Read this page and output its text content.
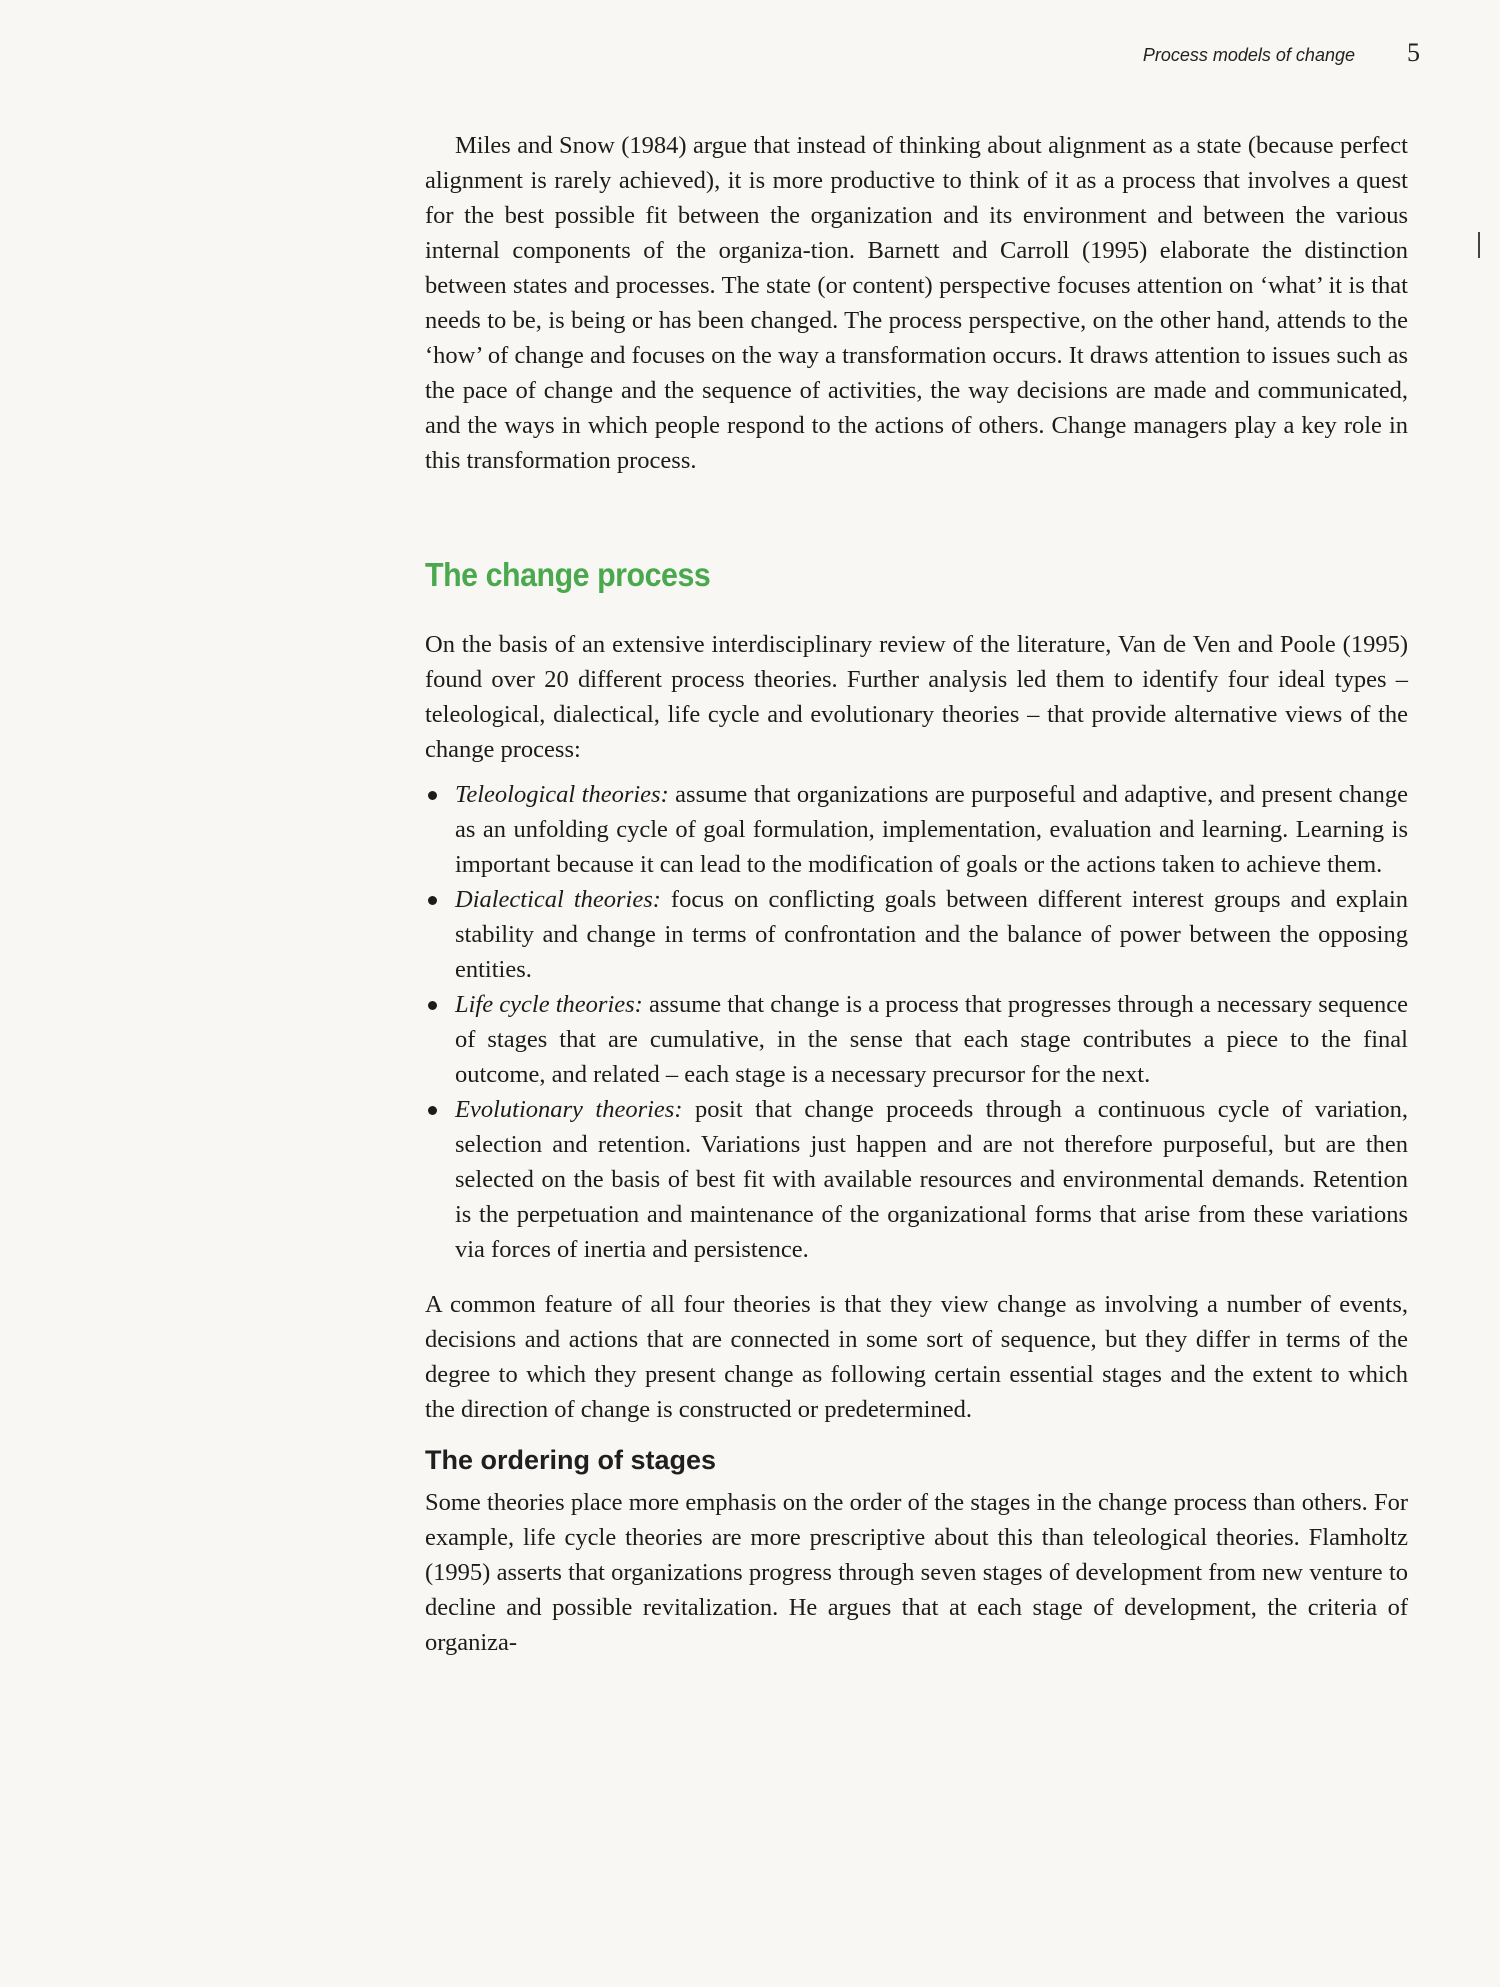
Process models of change 5

Miles and Snow (1984) argue that instead of thinking about alignment as a state (because perfect alignment is rarely achieved), it is more productive to think of it as a process that involves a quest for the best possible fit between the organization and its environment and between the various internal components of the organiza-tion. Barnett and Carroll (1995) elaborate the distinction between states and processes. The state (or content) perspective focuses attention on ‘what’ it is that needs to be, is being or has been changed. The process perspective, on the other hand, attends to the ‘how’ of change and focuses on the way a transformation occurs. It draws attention to issues such as the pace of change and the sequence of activities, the way decisions are made and communicated, and the ways in which people respond to the actions of others. Change managers play a key role in this transformation process.

The change process

On the basis of an extensive interdisciplinary review of the literature, Van de Ven and Poole (1995) found over 20 different process theories. Further analysis led them to identify four ideal types – teleological, dialectical, life cycle and evolutionary theories – that provide alternative views of the change process:

Teleological theories: assume that organizations are purposeful and adaptive, and present change as an unfolding cycle of goal formulation, implementation, evaluation and learning. Learning is important because it can lead to the modification of goals or the actions taken to achieve them.
Dialectical theories: focus on conflicting goals between different interest groups and explain stability and change in terms of confrontation and the balance of power between the opposing entities.
Life cycle theories: assume that change is a process that progresses through a necessary sequence of stages that are cumulative, in the sense that each stage contributes a piece to the final outcome, and related – each stage is a necessary precursor for the next.
Evolutionary theories: posit that change proceeds through a continuous cycle of variation, selection and retention. Variations just happen and are not therefore purposeful, but are then selected on the basis of best fit with available resources and environmental demands. Retention is the perpetuation and maintenance of the organizational forms that arise from these variations via forces of inertia and persistence.

A common feature of all four theories is that they view change as involving a number of events, decisions and actions that are connected in some sort of sequence, but they differ in terms of the degree to which they present change as following certain essential stages and the extent to which the direction of change is constructed or predetermined.

The ordering of stages

Some theories place more emphasis on the order of the stages in the change process than others. For example, life cycle theories are more prescriptive about this than teleological theories. Flamholtz (1995) asserts that organizations progress through seven stages of development from new venture to decline and possible revitalization. He argues that at each stage of development, the criteria of organiza-
